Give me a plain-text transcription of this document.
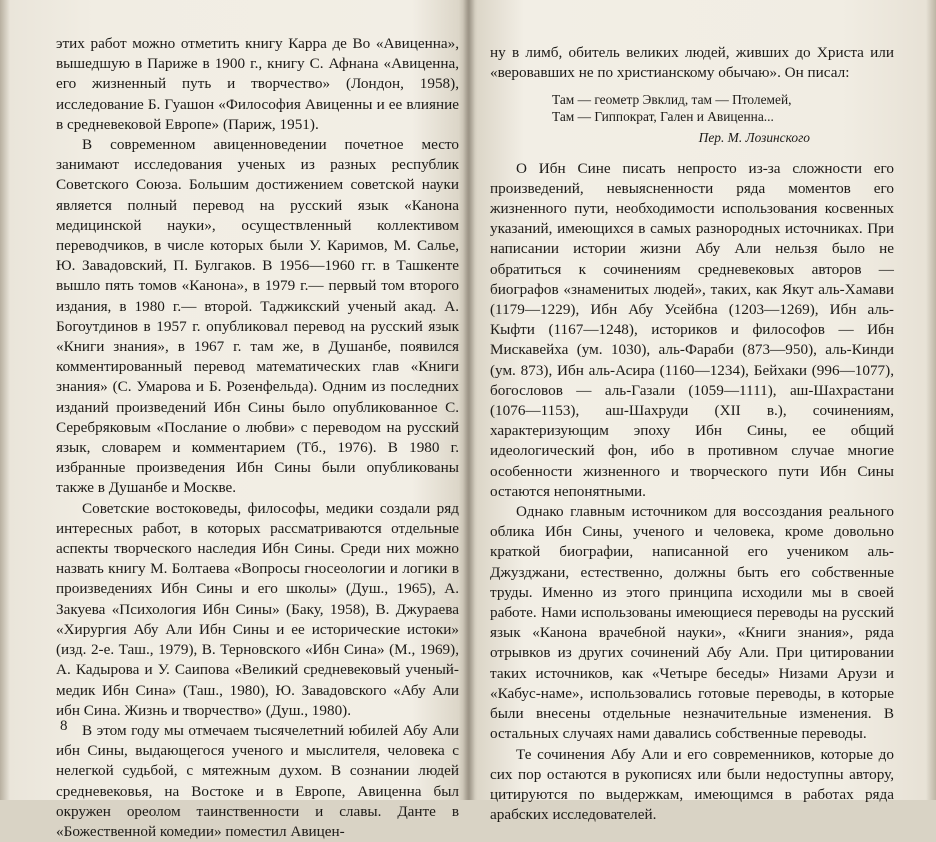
этих работ можно отметить книгу Карра де Во «Авиценна», вышедшую в Париже в 1900 г., книгу С. Афнана «Авиценна, его жизненный путь и творчество» (Лондон, 1958), исследование Б. Гуашон «Философия Авиценны и ее влияние в средневековой Европе» (Париж, 1951).

В современном авиценноведении почетное место занимают исследования ученых из разных республик Советского Союза. Большим достижением советской науки является полный перевод на русский язык «Канона медицинской науки», осуществленный коллективом переводчиков, в числе которых были У. Каримов, М. Салье, Ю. Завадовский, П. Булгаков. В 1956—1960 гг. в Ташкенте вышло пять томов «Канона», в 1979 г.— первый том второго издания, в 1980 г.— второй. Таджикский ученый акад. А. Богоутдинов в 1957 г. опубликовал перевод на русский язык «Книги знания», в 1967 г. там же, в Душанбе, появился комментированный перевод математических глав «Книги знания» (С. Умарова и Б. Розенфельда). Одним из последних изданий произведений Ибн Сины было опубликованное С. Серебряковым «Послание о любви» с переводом на русский язык, словарем и комментарием (Тб., 1976). В 1980 г. избранные произведения Ибн Сины были опубликованы также в Душанбе и Москве.

Советские востоковеды, философы, медики создали ряд интересных работ, в которых рассматриваются отдельные аспекты творческого наследия Ибн Сины. Среди них можно назвать книгу М. Болтаева «Вопросы гносеологии и логики в произведениях Ибн Сины и его школы» (Душ., 1965), А. Закуева «Психология Ибн Сины» (Баку, 1958), В. Джураева «Хирургия Абу Али Ибн Сины и ее исторические истоки» (изд. 2-е. Таш., 1979), В. Терновского «Ибн Сина» (М., 1969), А. Кадырова и У. Саипова «Великий средневековый ученый-медик Ибн Сина» (Таш., 1980), Ю. Завадовского «Абу Али ибн Сина. Жизнь и творчество» (Душ., 1980).

В этом году мы отмечаем тысячелетний юбилей Абу Али ибн Сины, выдающегося ученого и мыслителя, человека с нелегкой судьбой, с мятежным духом. В сознании людей средневековья, на Востоке и в Европе, Авиценна был окружен ореолом таинственности и славы. Данте в «Божественной комедии» поместил Авицен-

8

ну в лимб, обитель великих людей, живших до Христа или «веровавших не по христианскому обычаю». Он писал:

Там — геометр Эвклид, там — Птолемей,
Там — Гиппократ, Гален и Авиценна...
Пер. М. Лозинского

О Ибн Сине писать непросто из-за сложности его произведений, невыясненности ряда моментов его жизненного пути, необходимости использования косвенных указаний, имеющихся в самых разнородных источниках. При написании истории жизни Абу Али нельзя было не обратиться к сочинениям средневековых авторов — биографов «знаменитых людей», таких, как Якут аль-Хамави (1179—1229), Ибн Абу Усейбна (1203—1269), Ибн аль-Кыфти (1167—1248), историков и философов — Ибн Мискавейха (ум. 1030), аль-Фараби (873—950), аль-Кинди (ум. 873), Ибн аль-Асира (1160—1234), Бейхаки (996—1077), богословов — аль-Газали (1059—1111), аш-Шахрастани (1076—1153), аш-Шахруди (XII в.), сочинениям, характеризующим эпоху Ибн Сины, ее общий идеологический фон, ибо в противном случае многие особенности жизненного и творческого пути Ибн Сины остаются непонятными.

Однако главным источником для воссоздания реального облика Ибн Сины, ученого и человека, кроме довольно краткой биографии, написанной его учеником аль-Джузджани, естественно, должны быть его собственные труды. Именно из этого принципа исходили мы в своей работе. Нами использованы имеющиеся переводы на русский язык «Канона врачебной науки», «Книги знания», ряда отрывков из других сочинений Абу Али. При цитировании таких источников, как «Четыре беседы» Низами Арузи и «Кабус-наме», использовались готовые переводы, в которые были внесены отдельные незначительные изменения. В остальных случаях нами давались собственные переводы.

Те сочинения Абу Али и его современников, которые до сих пор остаются в рукописях или были недоступны автору, цитируются по выдержкам, имеющимся в работах ряда арабских исследователей.
